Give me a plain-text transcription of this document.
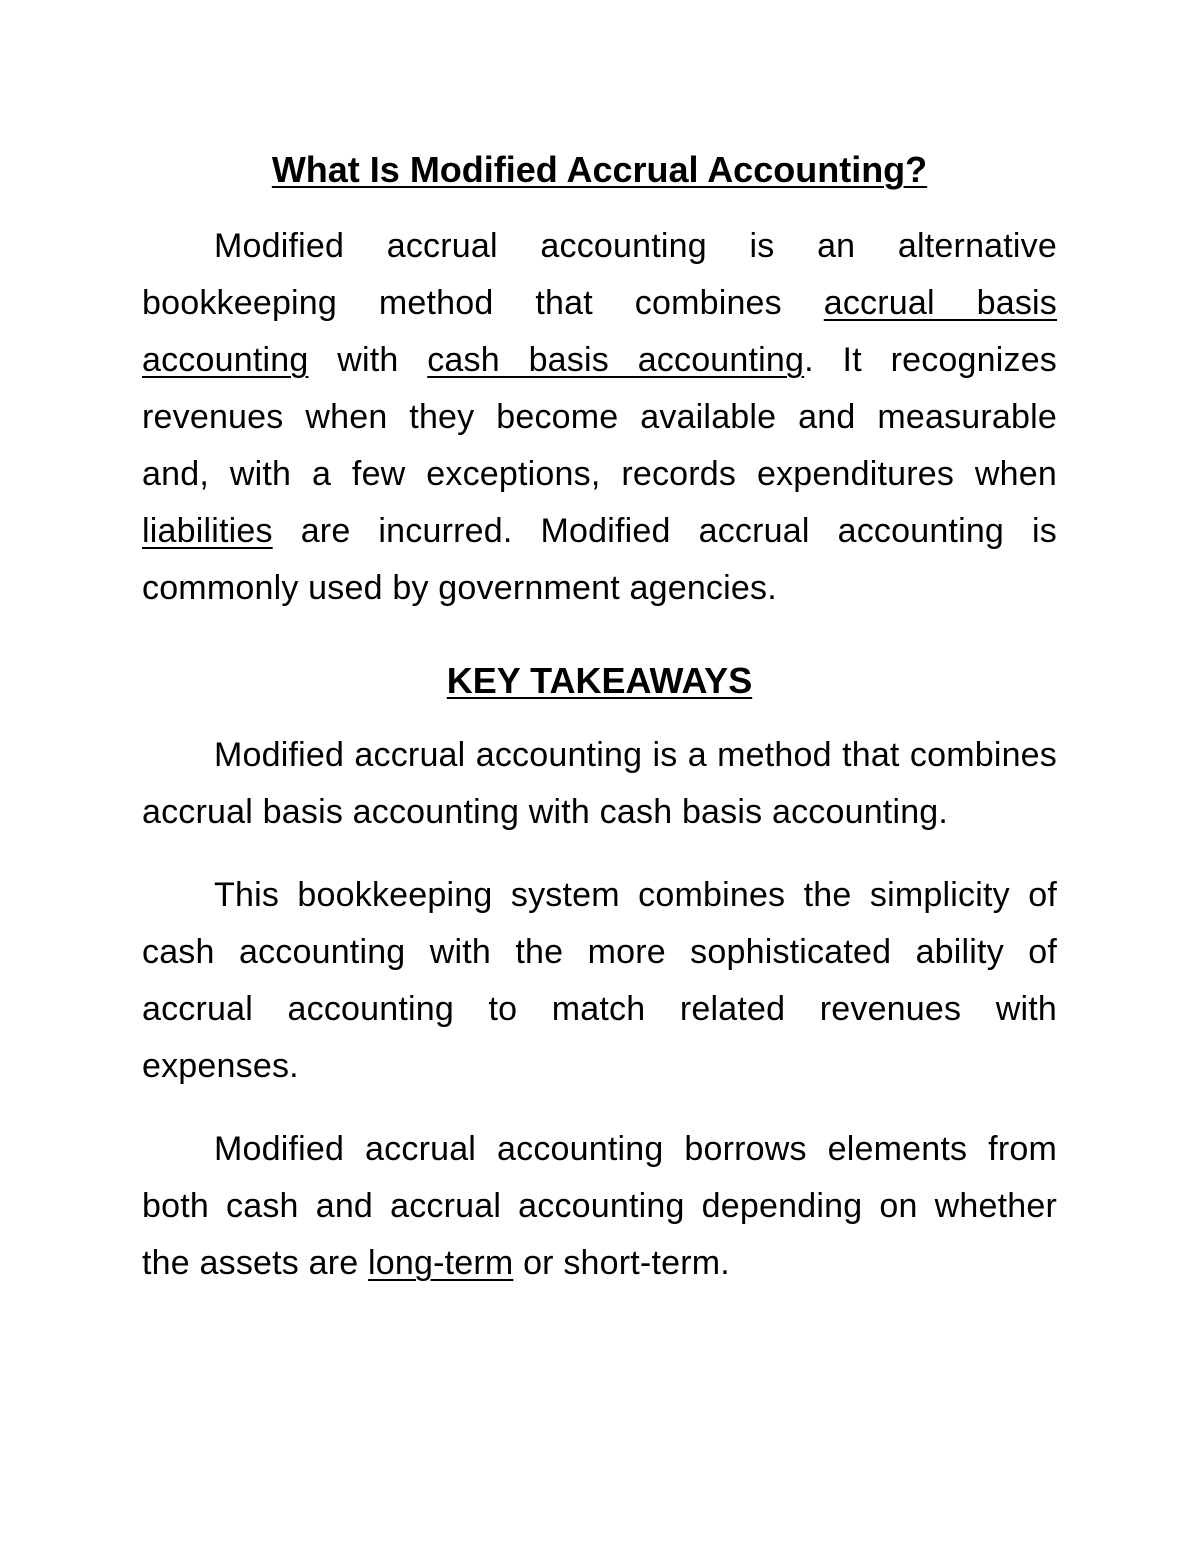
What Is Modified Accrual Accounting?

Modified accrual accounting is an alternative bookkeeping method that combines accrual basis accounting with cash basis accounting. It recognizes revenues when they become available and measurable and, with a few exceptions, records expenditures when liabilities are incurred. Modified accrual accounting is commonly used by government agencies.

KEY TAKEAWAYS

Modified accrual accounting is a method that combines accrual basis accounting with cash basis accounting.

This bookkeeping system combines the simplicity of cash accounting with the more sophisticated ability of accrual accounting to match related revenues with expenses.

Modified accrual accounting borrows elements from both cash and accrual accounting depending on whether the assets are long-term or short-term.
